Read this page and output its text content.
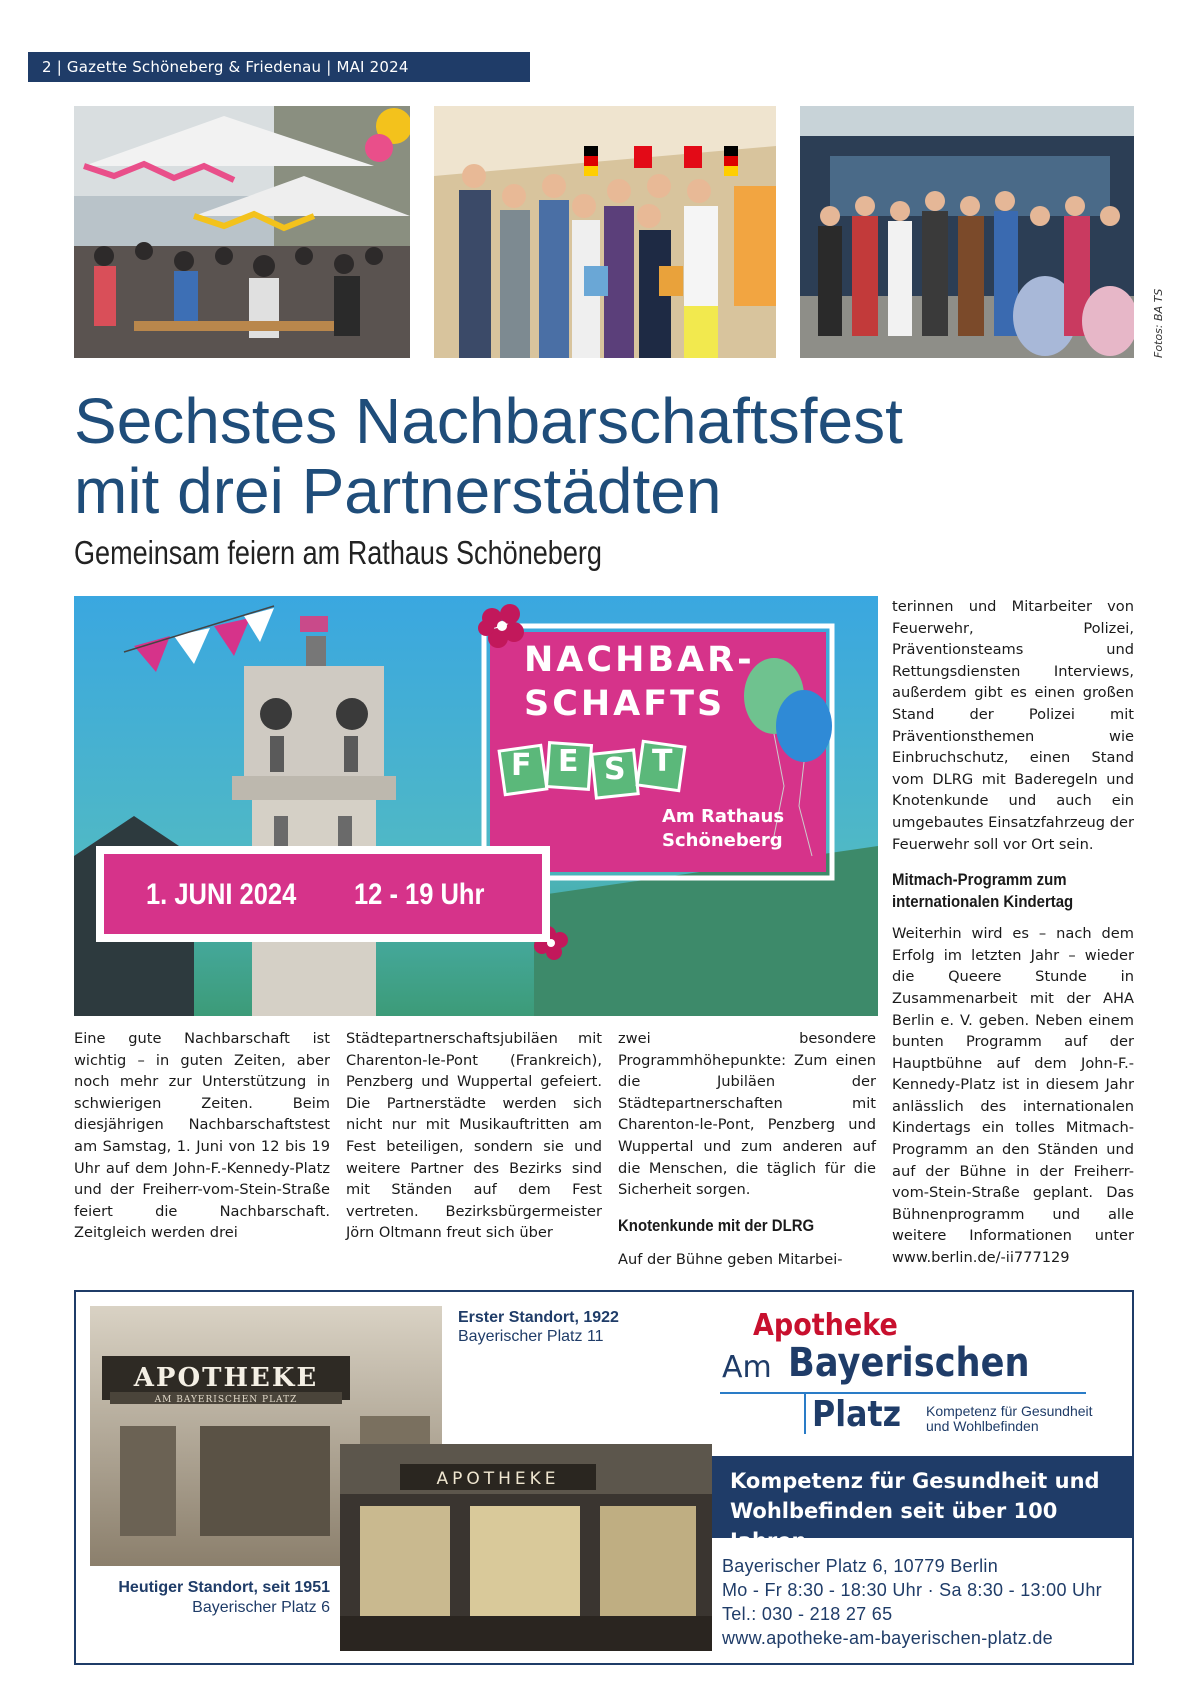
2 | Gazette Schöneberg & Friedenau | MAI 2024
Fotos: BA TS
Sechstes Nachbarschaftsfest
mit drei Partnerstädten
Gemeinsam feiern am Rathaus Schöneberg
NACHBAR-
SCHAFTS
F E S T
Am Rathaus
Schöneberg
1. JUNI 2024 12 - 19 Uhr

Eine gute Nachbarschaft ist wichtig – in guten Zeiten, aber noch mehr zur Unterstützung in schwierigen Zeiten. Beim diesjährigen Nachbarschaftstest am Samstag, 1. Juni von 12 bis 19 Uhr auf dem John-F.-Kennedy-Platz und der Freiherr-vom-Stein-Straße feiert die Nachbarschaft. Zeitgleich werden drei

Städtepartnerschaftsjubiläen mit Charenton-le-Pont (Frankreich), Penzberg und Wuppertal gefeiert. Die Partnerstädte werden sich nicht nur mit Musikauftritten am Fest beteiligen, sondern sie und weitere Partner des Bezirks sind mit Ständen auf dem Fest vertreten. Bezirksbürgermeister Jörn Oltmann freut sich über

zwei besondere Programmhöhepunkte: Zum einen die Jubiläen der Städtepartnerschaften mit Charenton-le-Pont, Penzberg und Wuppertal und zum anderen auf die Menschen, die täglich für die Sicherheit sorgen.

Knotenkunde mit der DLRG

Auf der Bühne geben Mitarbei-

terinnen und Mitarbeiter von Feuerwehr, Polizei, Präventionsteams und Rettungsdiensten Interviews, außerdem gibt es einen großen Stand der Polizei mit Präventionsthemen wie Einbruchschutz, einen Stand vom DLRG mit Baderegeln und Knotenkunde und auch ein umgebautes Einsatzfahrzeug der Feuerwehr soll vor Ort sein.

Mitmach-Programm zum internationalen Kindertag

Weiterhin wird es – nach dem Erfolg im letzten Jahr – wieder die Queere Stunde in Zusammenarbeit mit der AHA Berlin e. V. geben. Neben einem bunten Programm auf der Hauptbühne auf dem John-F.-Kennedy-Platz ist in diesem Jahr anlässlich des internationalen Kindertags ein tolles Mitmach-Programm an den Ständen und auf der Bühne in der Freiherr-vom-Stein-Straße geplant. Das Bühnenprogramm und alle weitere Informationen unter www.berlin.de/-ii777129

APOTHEKE
AM BAYERISCHEN PLATZ
APOTHEKE
Erster Standort, 1922
Bayerischer Platz 11
Heutiger Standort, seit 1951
Bayerischer Platz 6
Apotheke
Am Bayerischen
Platz Kompetenz für Gesundheit
und Wohlbefinden
Kompetenz für Gesundheit und
Wohlbefinden seit über 100 Jahren
Bayerischer Platz 6, 10779 Berlin
Mo - Fr 8:30 - 18:30 Uhr · Sa 8:30 - 13:00 Uhr
Tel.: 030 - 218 27 65
www.apotheke-am-bayerischen-platz.de
